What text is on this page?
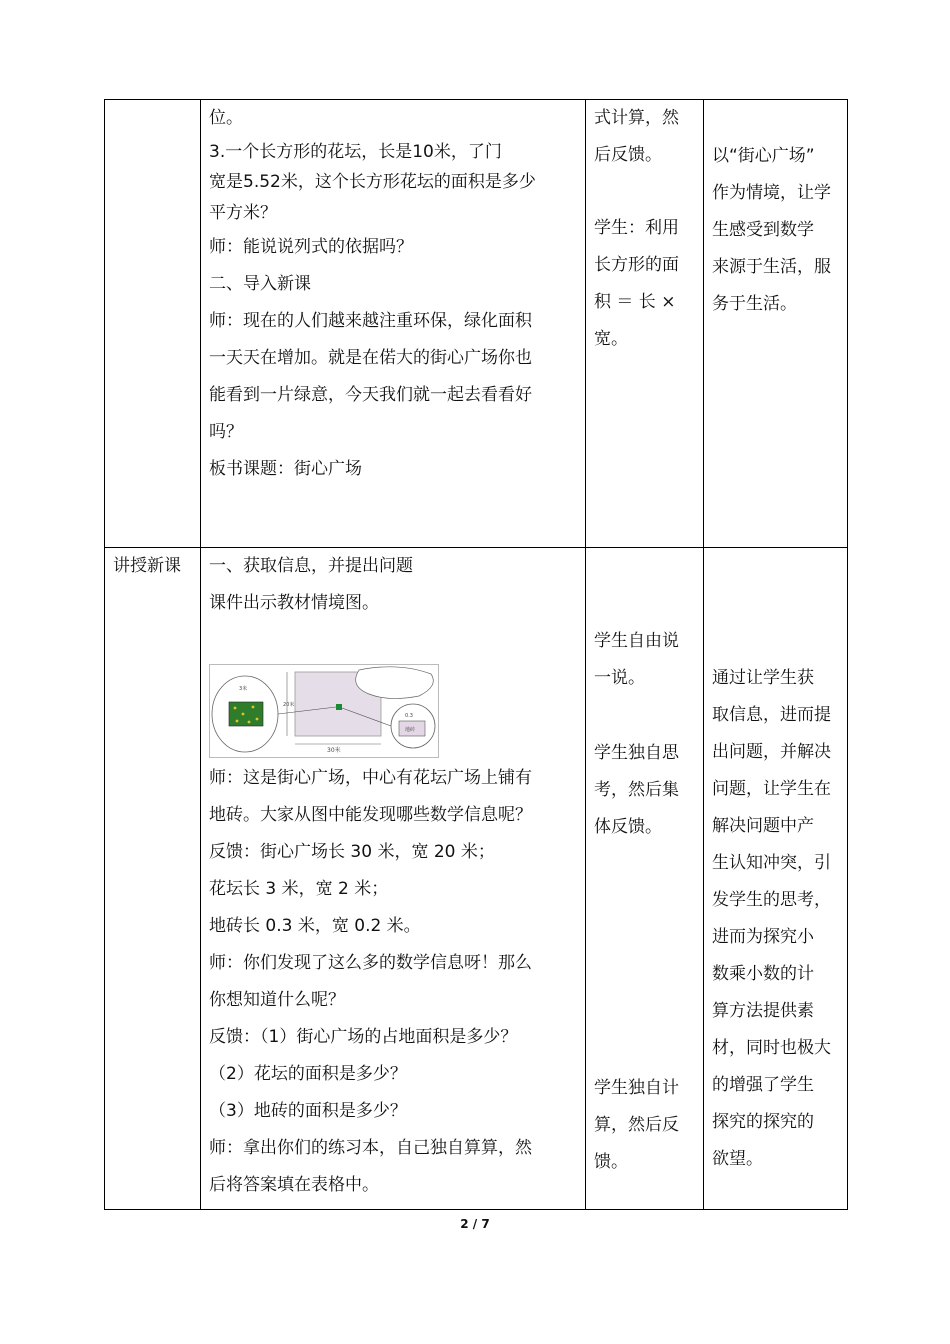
位。

3.一个长方形的花坛，长是10米，了门

宽是5.52米，这个长方形花坛的面积是多少

平方米？

师：能说说列式的依据吗？

二、导入新课

师：现在的人们越来越注重环保，绿化面积

一天天在增加。就是在偌大的街心广场你也

能看到一片绿意，今天我们就一起去看看好

吗？

板书课题：街心广场

式计算，然

后反馈。

学生：利用

长方形的面

积 ＝ 长 ×

宽。

以“街心广场”

作为情境，让学

生感受到数学

来源于生活，服

务于生活。

讲授新课 一、获取信息，并提出问题

课件出示教材情境图。

30米
20米
3米
0.3
地砖

师：这是街心广场，中心有花坛广场上铺有

地砖。大家从图中能发现哪些数学信息呢？

反馈：街心广场长 30 米，宽 20 米；

花坛长 3 米，宽 2 米；

地砖长 0.3 米，宽 0.2 米。

师：你们发现了这么多的数学信息呀！那么

你想知道什么呢？

反馈：（1）街心广场的占地面积是多少？

（2）花坛的面积是多少？

（3）地砖的面积是多少？

师：拿出你们的练习本，自己独自算算，然

后将答案填在表格中。

学生自由说

一说。

学生独自思

考，然后集

体反馈。

学生独自计

算，然后反

馈。

通过让学生获

取信息，进而提

出问题，并解决

问题，让学生在

解决问题中产

生认知冲突，引

发学生的思考，

进而为探究小

数乘小数的计

算方法提供素

材，同时也极大

的增强了学生

探究的探究的

欲望。

2 / 7
